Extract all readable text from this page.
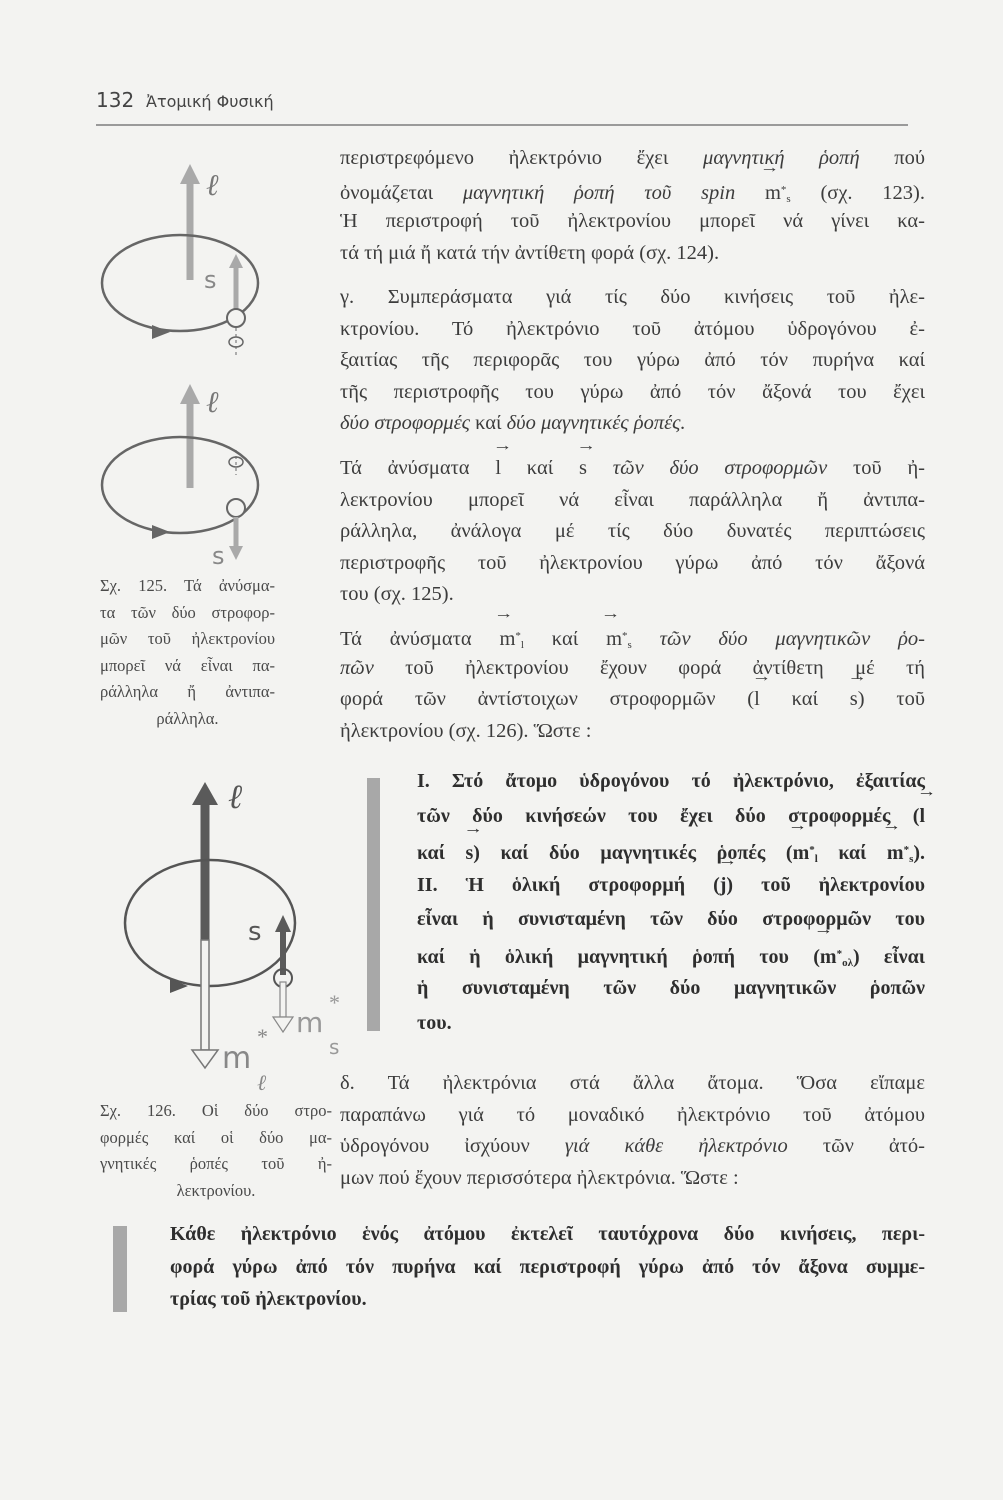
132 Ἀτομική Φυσική
ℓ
s
ℓ
s
Σχ. 125. Τά ἀνύσμα-
τα τῶν δύο στροφορ-
μῶν τοῦ ἠλεκτρονίου
μπορεῖ νά εἶναι πα-
ράλληλα ἤ ἀντιπα-
ράλληλα.
ℓ
m
*
ℓ
s
m
*
s
Σχ. 126. Οἱ δύο στρο-
φορμές καί οἱ δύο μα-
γνητικές ῥοπές τοῦ ἠ-
λεκτρονίου.
περιστρεφόμενο ἠλεκτρόνιο ἔχει μαγνητική ῥοπή πού
ὀνομάζεται μαγνητική ῥοπή τοῦ spin → $m^*_s$ (σχ. 123).
Ἡ περιστροφή τοῦ ἠλεκτρονίου μπορεῖ νά γίνει κα-
τά τή μιά ἤ κατά τήν ἀντίθετη φορά (σχ. 124).
γ. Συμπεράσματα γιά τίς δύο κινήσεις τοῦ ἠλε-
κτρονίου. Τό ἠλεκτρόνιο τοῦ ἀτόμου ὑδρογόνου ἐ-
ξαιτίας τῆς περιφορᾶς του γύρω ἀπό τόν πυρήνα καί
τῆς περιστροφῆς του γύρω ἀπό τόν ἄξονά του ἔχει
δύο στροφορμές καί δύο μαγνητικές ῥοπές.
Τά ἀνύσματα → l καί → s τῶν δύο στροφορμῶν τοῦ ἠ-
λεκτρονίου μπορεῖ νά εἶναι παράλληλα ἤ ἀντιπα-
ράλληλα, ἀνάλογα μέ τίς δύο δυνατές περιπτώσεις
περιστροφῆς τοῦ ἠλεκτρονίου γύρω ἀπό τόν ἄξονά
του (σχ. 125).
Τά ἀνύσματα → $m^*_l$ $\kappa\alpha ί \to m^*_s$ τῶν δύο μαγνητικῶν ῥο-
πῶν τοῦ ἠλεκτρονίου ἔχουν φορά ἀντίθετη μέ τή
φορά τῶν ἀντίστοιχων στροφορμῶν (→ l καί → s) τοῦ
ἠλεκτρονίου (σχ. 126). Ὥστε :
I. Στό ἄτομο ὑδρογόνου τό ἠλεκτρόνιο, ἐξαιτίας
τῶν δύο κινήσεών του ἔχει δύο στροφορμές (→ l
καί → s) καί δύο μαγνητικές ῥοπές (→ $m^*_l$ $\kappa\alpha ί \to m^*_s$).
II. Ἡ ὁλική στροφορμή (→ j) τοῦ ἠλεκτρονίου
εἶναι ἡ συνισταμένη τῶν δύο στροφορμῶν του
καί ἡ ὁλική μαγνητική ῥοπή του (→ $m^*_{o\lambda}$) εἶναι
ἡ συνισταμένη τῶν δύο μαγνητικῶν ῥοπῶν
του.
δ. Τά ἠλεκτρόνια στά ἄλλα ἄτομα. Ὅσα εἴπαμε
παραπάνω γιά τό μοναδικό ἠλεκτρόνιο τοῦ ἀτόμου
ὑδρογόνου ἰσχύουν γιά κάθε ἠλεκτρόνιο τῶν ἀτό-
μων πού ἔχουν περισσότερα ἠλεκτρόνια. Ὥστε :
Κάθε ἠλεκτρόνιο ἑνός ἀτόμου ἐκτελεῖ ταυτόχρονα δύο κινήσεις, περι-
φορά γύρω ἀπό τόν πυρήνα καί περιστροφή γύρω ἀπό τόν ἄξονα συμμε-
τρίας τοῦ ἠλεκτρονίου.
